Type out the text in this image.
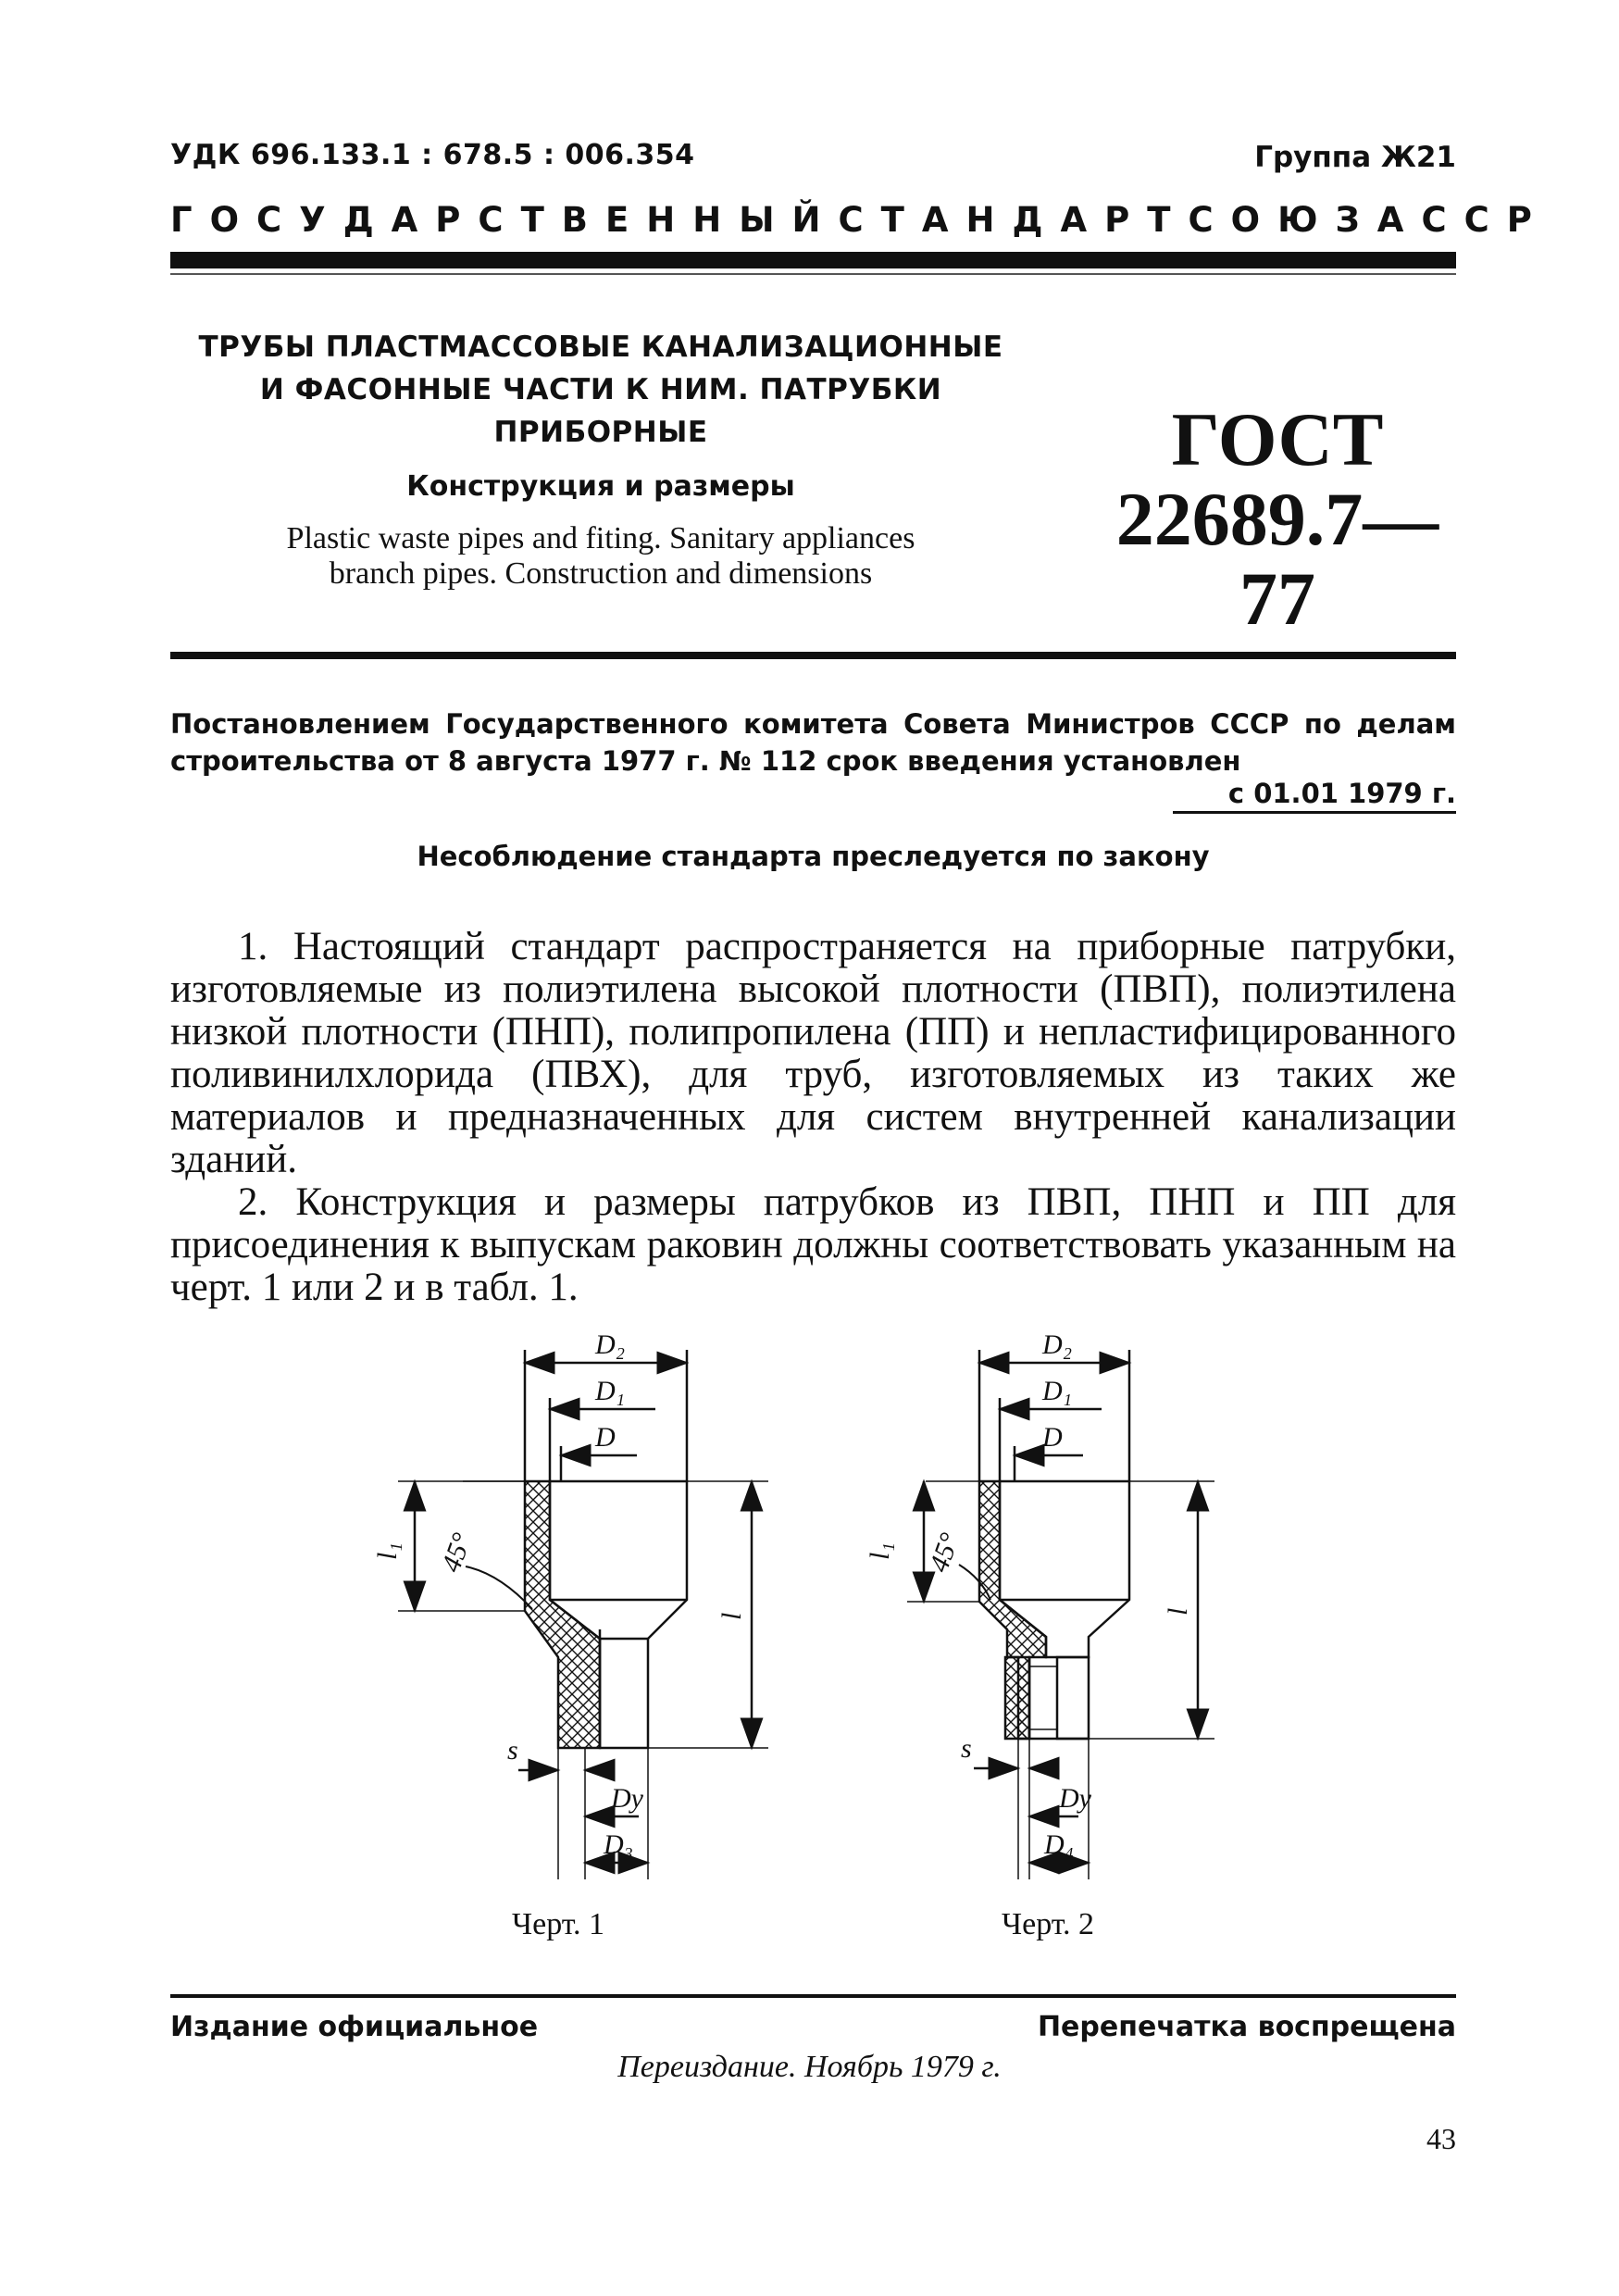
УДК 696.133.1 : 678.5 : 006.354	Группа Ж21
ГОСУДАРСТВЕННЫЙ СТАНДАРТ СОЮЗА ССР
ТРУБЫ ПЛАСТМАССОВЫЕ КАНАЛИЗАЦИОННЫЕ
И ФАСОННЫЕ ЧАСТИ К НИМ. ПАТРУБКИ
ПРИБОРНЫЕ
Конструкция и размеры
Plastic waste pipes and fiting. Sanitary appliances
branch pipes. Construction and dimensions
ГОСТ
22689.7—77
Постановлением Государственного комитета Совета Министров СССР по делам строительства от 8 августа 1977 г. № 112 срок введения установлен
с 01.01 1979 г.
Несоблюдение стандарта преследуется по закону

1. Настоящий стандарт распространяется на приборные патрубки, изготовляемые из полиэтилена высокой плотности (ПВП), полиэтилена низкой плотности (ПНП), полипропилена (ПП) и непластифицированного поливинилхлорида (ПВХ), для труб, изготовляемых из таких же материалов и предназначенных для систем внутренней канализации зданий.

2. Конструкция и размеры патрубков из ПВП, ПНП и ПП для присоединения к выпускам раковин должны соответствовать указанным на черт. 1 или 2 и в табл. 1.

D₂
D₁
D
l₁ 45°
l
s
Dу
D₃
D₂
D₁
D
l₁ 45°
l
s
Dу
D₄
Черт. 1	Черт. 2
Издание официальное	Перепечатка воспрещена
Переиздание. Ноябрь 1979 г.
43
